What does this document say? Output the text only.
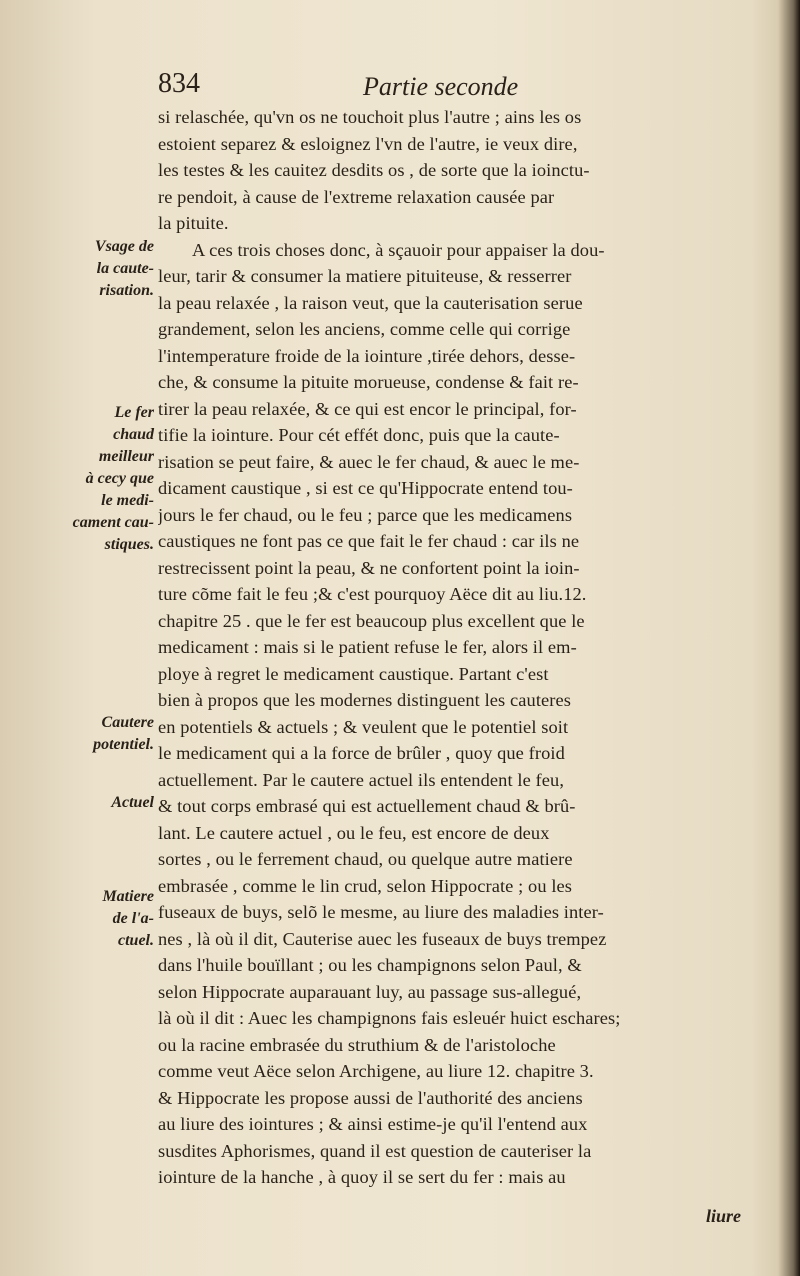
834	Partie seconde
si relaschée, qu'vn os ne touchoit plus l'autre ; ains les os
estoient separez & esloignez l'vn de l'autre, ie veux dire,
les testes & les cauitez desdits os , de sorte que la ioinctu-
re pendoit, à cause de l'extreme relaxation causée par
la pituite.
A ces trois choses donc, à sçauoir pour appaiser la dou-
leur, tarir & consumer la matiere pituiteuse, & resserrer
la peau relaxée , la raison veut, que la cauterisation serue
grandement, selon les anciens, comme celle qui corrige
l'intemperature froide de la iointure ,tirée dehors, desse-
che, & consume la pituite morueuse, condense & fait re-
tirer la peau relaxée, & ce qui est encor le principal, for-
tifie la iointure. Pour cét effét donc, puis que la caute-
risation se peut faire, & auec le fer chaud, & auec le me-
dicament caustique , si est ce qu'Hippocrate entend tou-
jours le fer chaud, ou le feu ; parce que les medicamens
caustiques ne font pas ce que fait le fer chaud : car ils ne
restrecissent point la peau, & ne confortent point la ioin-
ture cõme fait le feu ;& c'est pourquoy Aëce dit au liu.12.
chapitre 25 . que le fer est beaucoup plus excellent que le
medicament : mais si le patient refuse le fer, alors il em-
ploye à regret le medicament caustique. Partant c'est
bien à propos que les modernes distinguent les cauteres
en potentiels & actuels ; & veulent que le potentiel soit
le medicament qui a la force de brûler , quoy que froid
actuellement. Par le cautere actuel ils entendent le feu,
& tout corps embrasé qui est actuellement chaud & brû-
lant. Le cautere actuel , ou le feu, est encore de deux
sortes , ou le ferrement chaud, ou quelque autre matiere
embrasée , comme le lin crud, selon Hippocrate ; ou les
fuseaux de buys, selõ le mesme, au liure des maladies inter-
nes , là où il dit, Cauterise auec les fuseaux de buys trempez
dans l'huile bouïllant ; ou les champignons selon Paul, &
selon Hippocrate auparauant luy, au passage sus-allegué,
là où il dit : Auec les champignons fais esleuér huict eschares;
ou la racine embrasée du struthium & de l'aristoloche
comme veut Aëce selon Archigene, au liure 12. chapitre 3.
& Hippocrate les propose aussi de l'authorité des anciens
au liure des iointures ; & ainsi estime-je qu'il l'entend aux
susdites Aphorismes, quand il est question de cauteriser la
iointure de la hanche , à quoy il se sert du fer : mais au
liure
Vsage de
la caute-
risation.
Le fer
chaud
meilleur
à cecy que
le medi-
cament cau-
stiques.
Cautere
potentiel.
Actuel
Matiere
de l'a-
ctuel.
